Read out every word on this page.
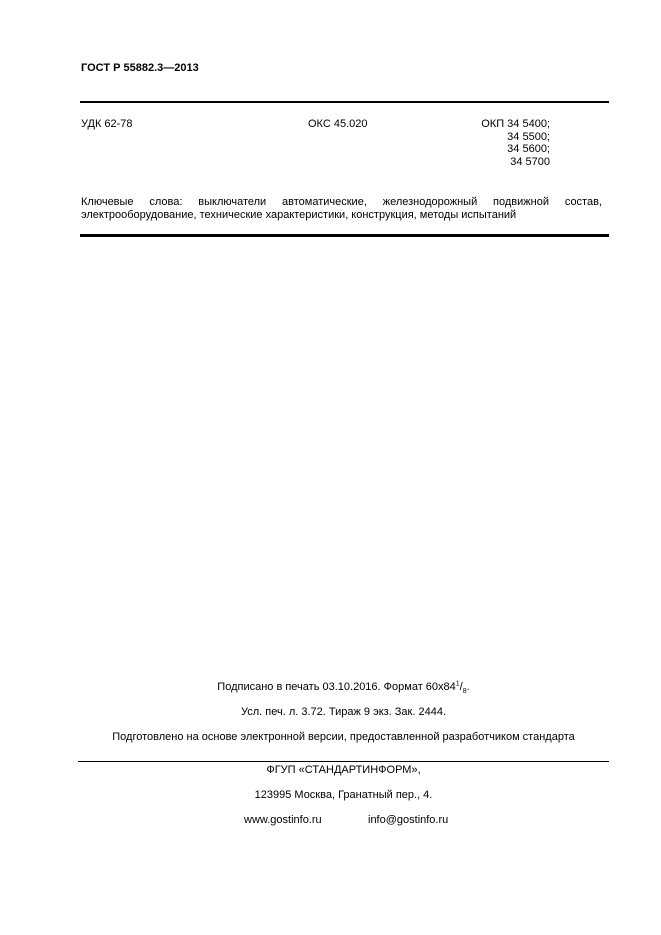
ГОСТ Р 55882.3—2013
УДК 62-78	ОКС 45.020	ОКП 34 5400;
34 5500;
34 5600;
34 5700
Ключевые слова: выключатели автоматические, железнодорожный подвижной состав, электрооборудование, технические характеристики, конструкция, методы испытаний
Подписано в печать 03.10.2016. Формат $60x84^1/_8$.
Усл. печ. л. 3.72. Тираж 9 экз. Зак. 2444.
Подготовлено на основе электронной версии, предоставленной разработчиком стандарта
ФГУП «СТАНДАРТИНФОРМ»,
123995 Москва, Гранатный пер., 4.
www.gostinfo.ru	info@gostinfo.ru
